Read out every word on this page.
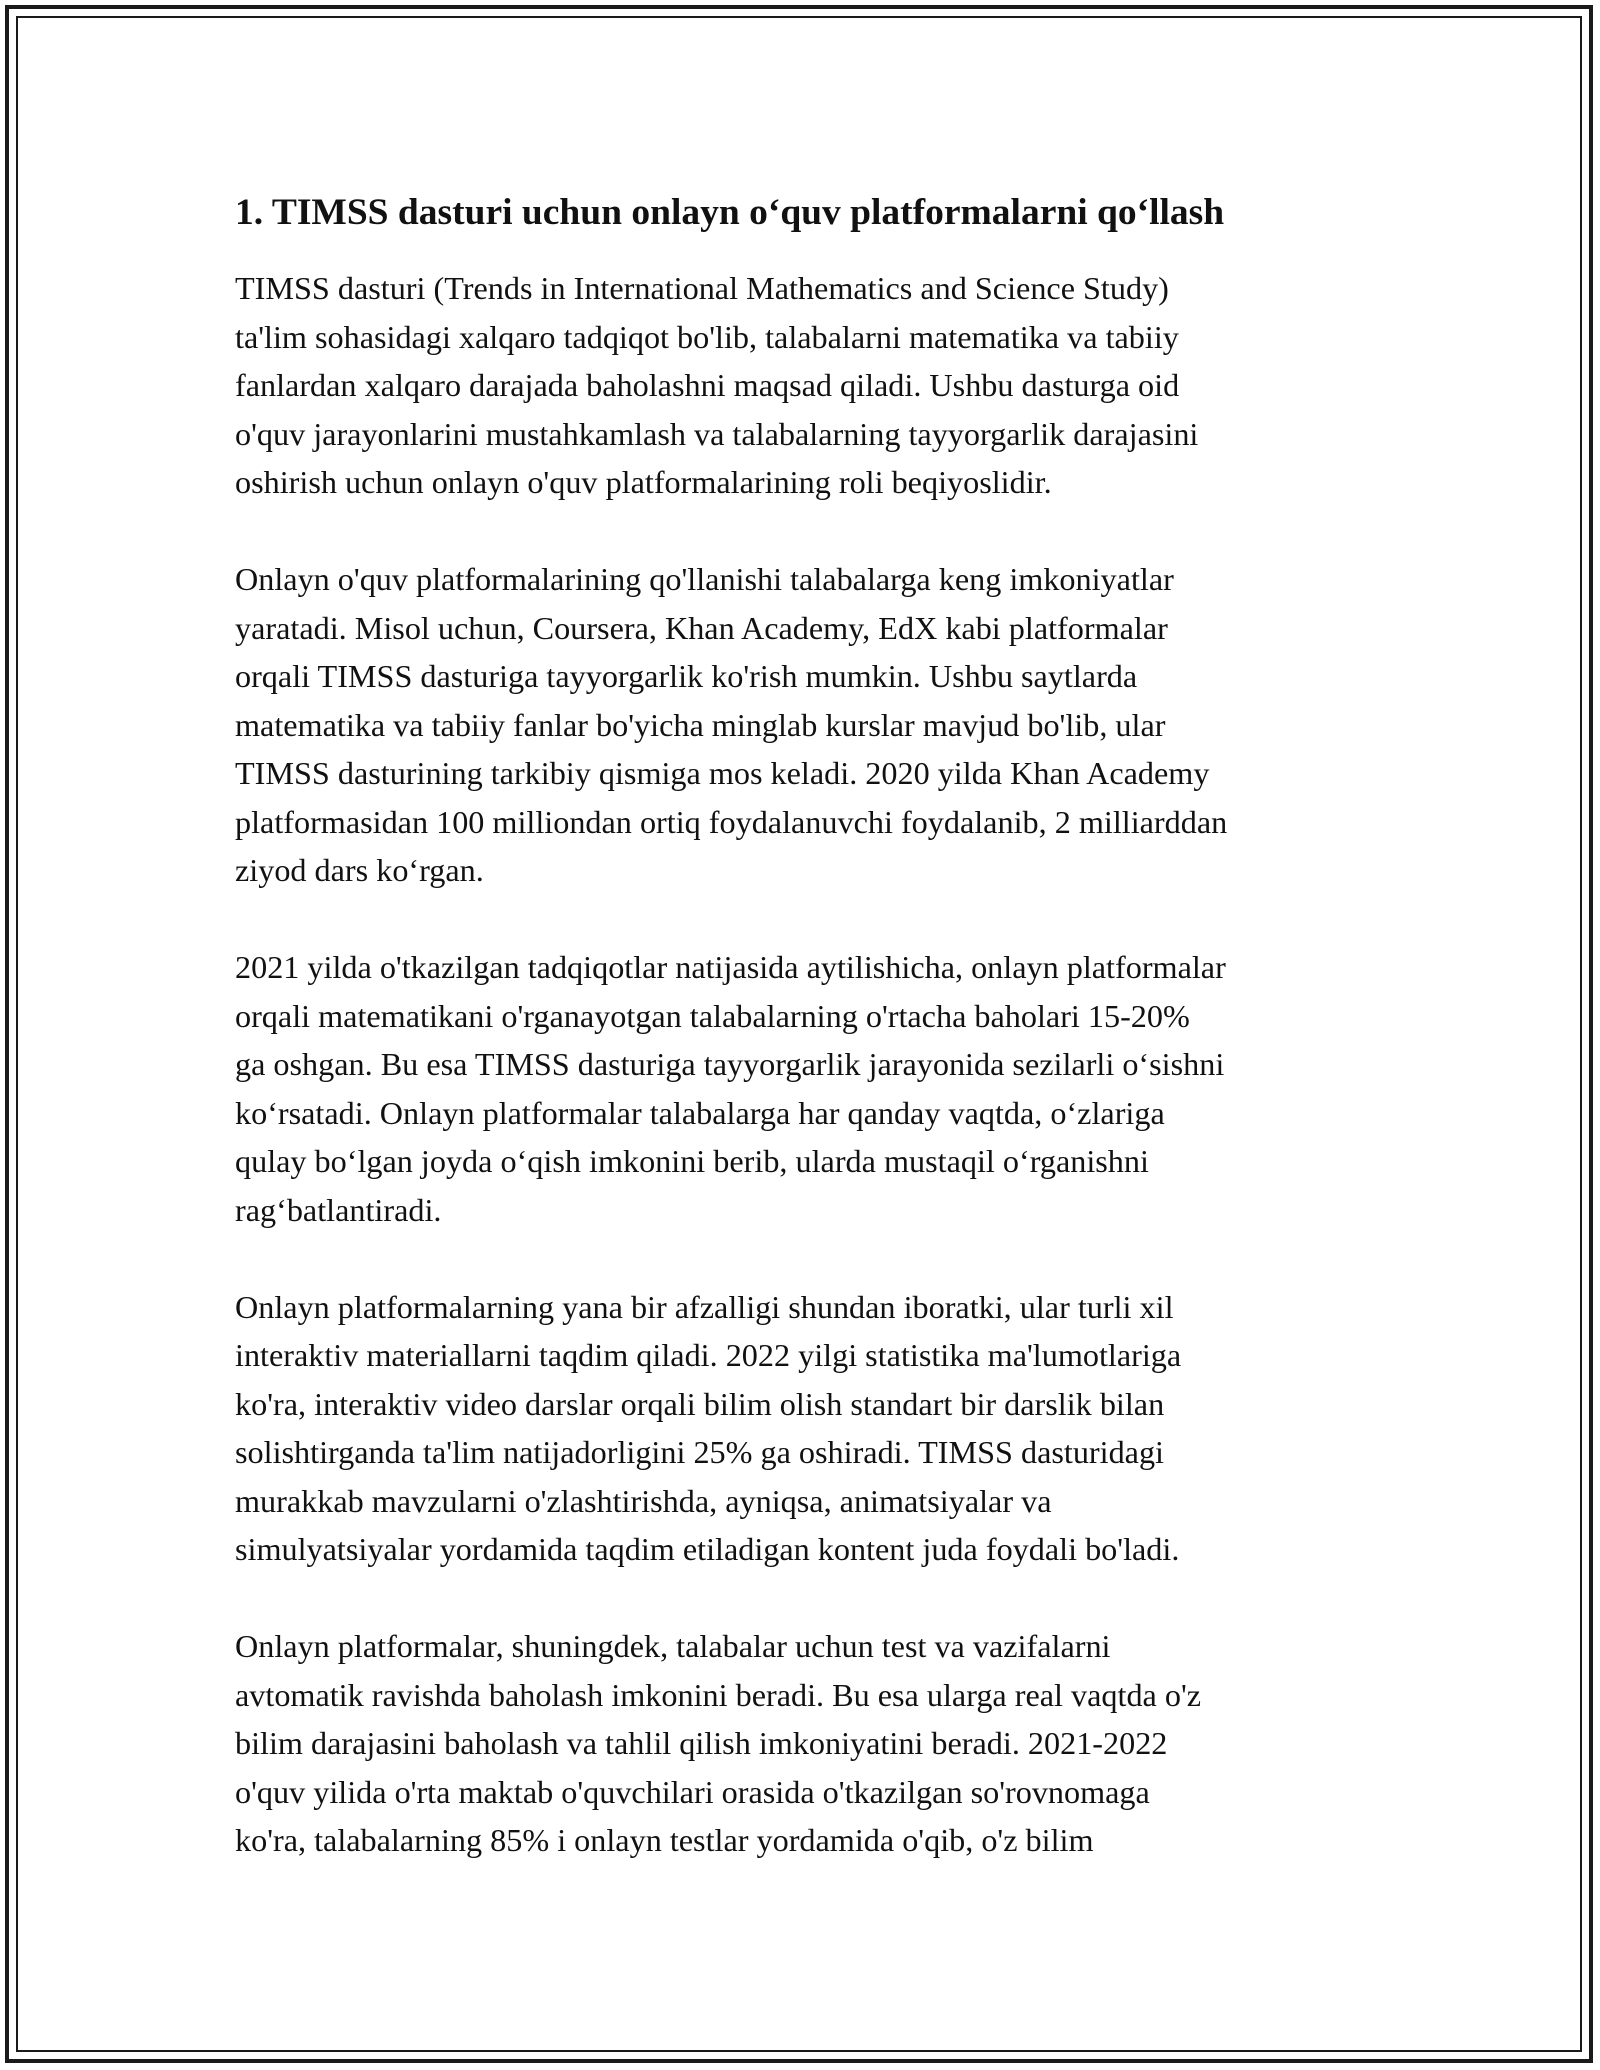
1. TIMSS dasturi uchun onlayn o‘quv platformalarni qo‘llash

TIMSS dasturi (Trends in International Mathematics and Science Study)
ta'lim sohasidagi xalqaro tadqiqot bo'lib, talabalarni matematika va tabiiy
fanlardan xalqaro darajada baholashni maqsad qiladi. Ushbu dasturga oid
o'quv jarayonlarini mustahkamlash va talabalarning tayyorgarlik darajasini
oshirish uchun onlayn o'quv platformalarining roli beqiyoslidir.

Onlayn o'quv platformalarining qo'llanishi talabalarga keng imkoniyatlar
yaratadi. Misol uchun, Coursera, Khan Academy, EdX kabi platformalar
orqali TIMSS dasturiga tayyorgarlik ko'rish mumkin. Ushbu saytlarda
matematika va tabiiy fanlar bo'yicha minglab kurslar mavjud bo'lib, ular
TIMSS dasturining tarkibiy qismiga mos keladi. 2020 yilda Khan Academy
platformasidan 100 milliondan ortiq foydalanuvchi foydalanib, 2 milliarddan
ziyod dars ko‘rgan.

2021 yilda o'tkazilgan tadqiqotlar natijasida aytilishicha, onlayn platformalar
orqali matematikani o'rganayotgan talabalarning o'rtacha baholari 15-20%
ga oshgan. Bu esa TIMSS dasturiga tayyorgarlik jarayonida sezilarli o‘sishni
ko‘rsatadi. Onlayn platformalar talabalarga har qanday vaqtda, o‘zlariga
qulay bo‘lgan joyda o‘qish imkonini berib, ularda mustaqil o‘rganishni
rag‘batlantiradi.

Onlayn platformalarning yana bir afzalligi shundan iboratki, ular turli xil
interaktiv materiallarni taqdim qiladi. 2022 yilgi statistika ma'lumotlariga
ko'ra, interaktiv video darslar orqali bilim olish standart bir darslik bilan
solishtirganda ta'lim natijadorligini 25% ga oshiradi. TIMSS dasturidagi
murakkab mavzularni o'zlashtirishda, ayniqsa, animatsiyalar va
simulyatsiyalar yordamida taqdim etiladigan kontent juda foydali bo'ladi.

Onlayn platformalar, shuningdek, talabalar uchun test va vazifalarni
avtomatik ravishda baholash imkonini beradi. Bu esa ularga real vaqtda o'z
bilim darajasini baholash va tahlil qilish imkoniyatini beradi. 2021-2022
o'quv yilida o'rta maktab o'quvchilari orasida o'tkazilgan so'rovnomaga
ko'ra, talabalarning 85% i onlayn testlar yordamida o'qib, o'z bilim
